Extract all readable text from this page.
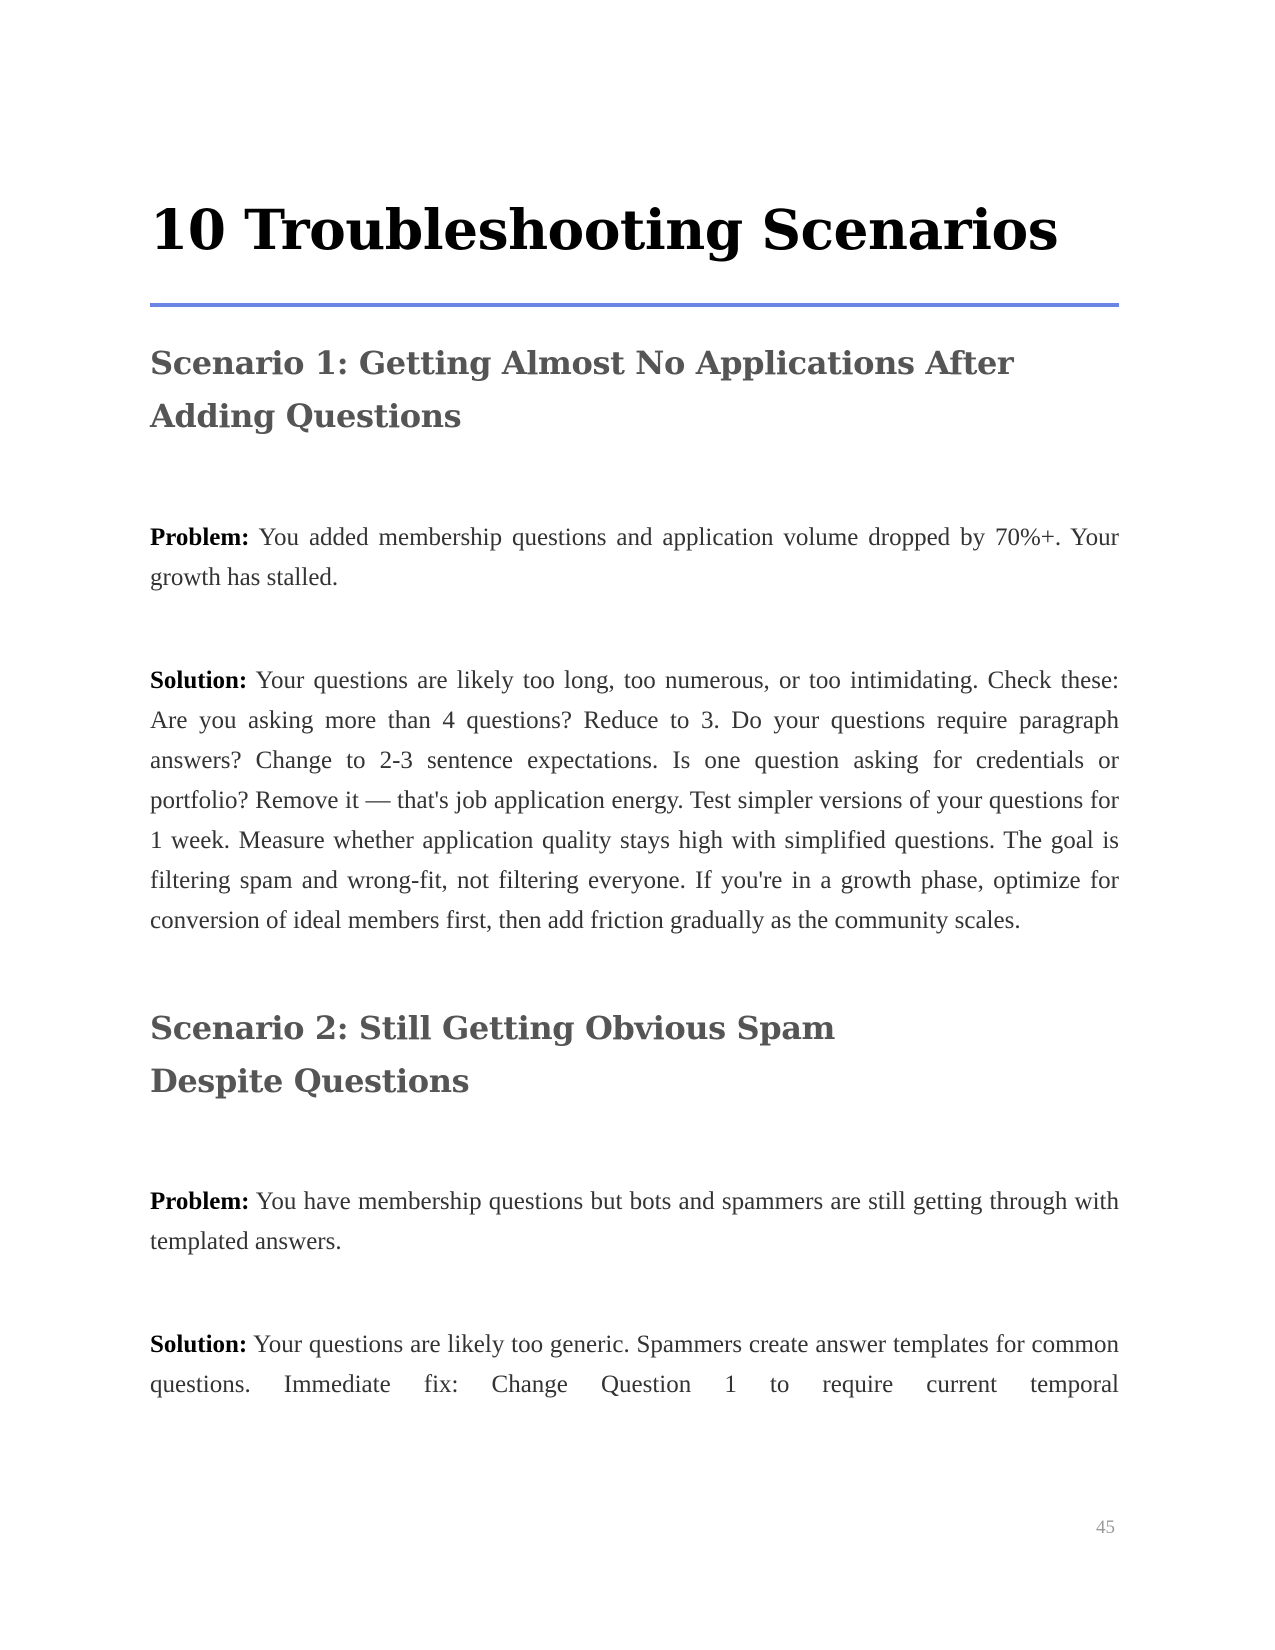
10 Troubleshooting Scenarios
Scenario 1: Getting Almost No Applications After Adding Questions

Problem: You added membership questions and application volume dropped by 70%+. Your growth has stalled.

Solution: Your questions are likely too long, too numerous, or too intimidating. Check these: Are you asking more than 4 questions? Reduce to 3. Do your questions require paragraph answers? Change to 2-3 sentence expectations. Is one question asking for credentials or portfolio? Remove it — that's job application energy. Test simpler versions of your questions for 1 week. Measure whether application quality stays high with simplified questions. The goal is filtering spam and wrong-fit, not filtering everyone. If you're in a growth phase, optimize for conversion of ideal members first, then add friction gradually as the community scales.

Scenario 2: Still Getting Obvious Spam Despite Questions

Problem: You have membership questions but bots and spammers are still getting through with templated answers.

Solution: Your questions are likely too generic. Spammers create answer templates for common questions. Immediate fix: Change Question 1 to require current temporal

45
